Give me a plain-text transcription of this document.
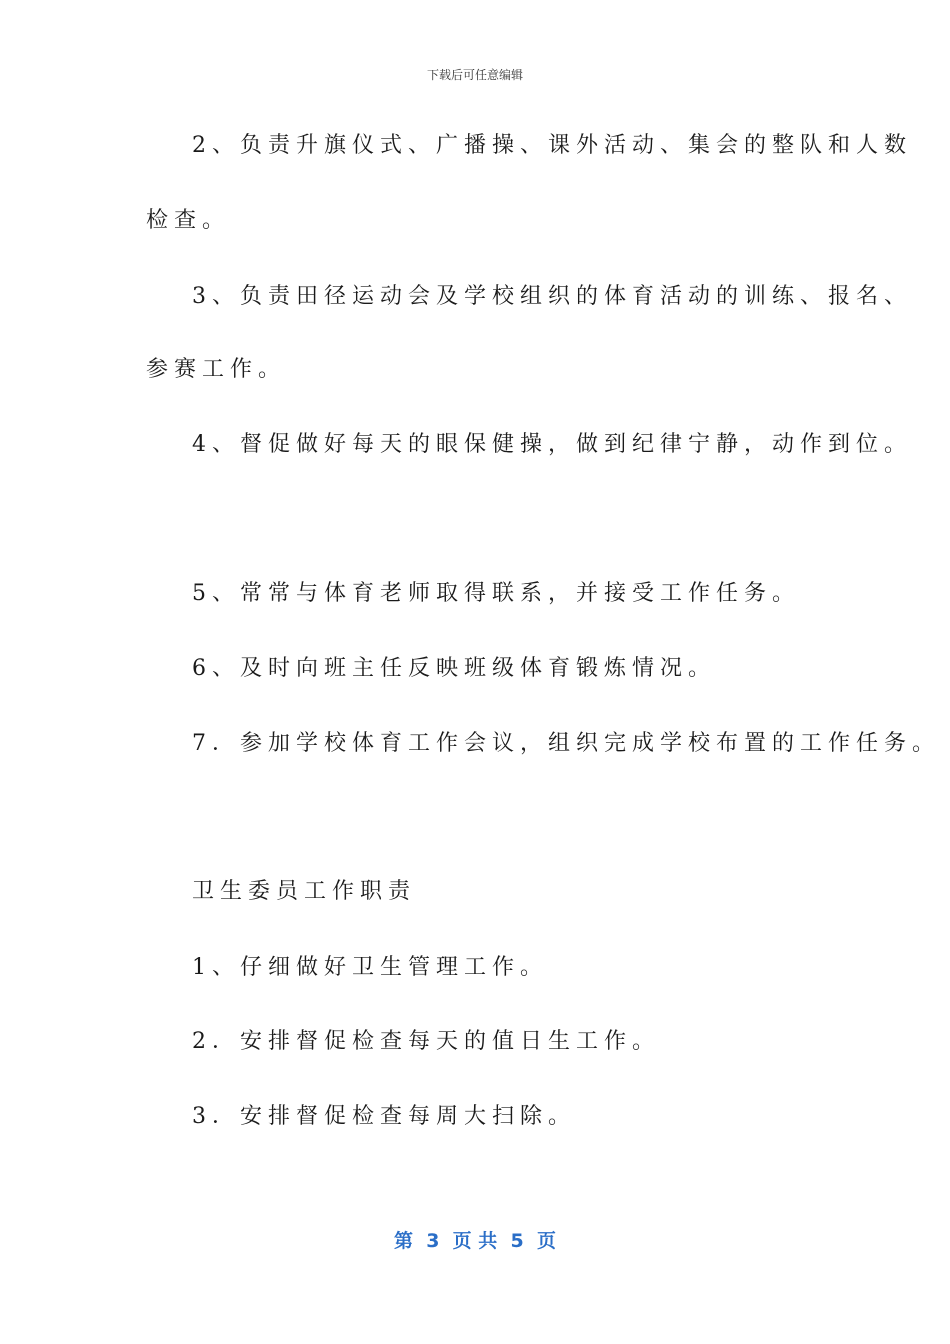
下载后可任意编辑
2、负责升旗仪式、广播操、课外活动、集会的整队和人数
检查。
3、负责田径运动会及学校组织的体育活动的训练、报名、
参赛工作。
4、督促做好每天的眼保健操，做到纪律宁静，动作到位。
5、常常与体育老师取得联系，并接受工作任务。
6、及时向班主任反映班级体育锻炼情况。
7．参加学校体育工作会议，组织完成学校布置的工作任务。
卫生委员工作职责
1、仔细做好卫生管理工作。
2．安排督促检查每天的值日生工作。
3．安排督促检查每周大扫除。
第  3  页 共  5  页
